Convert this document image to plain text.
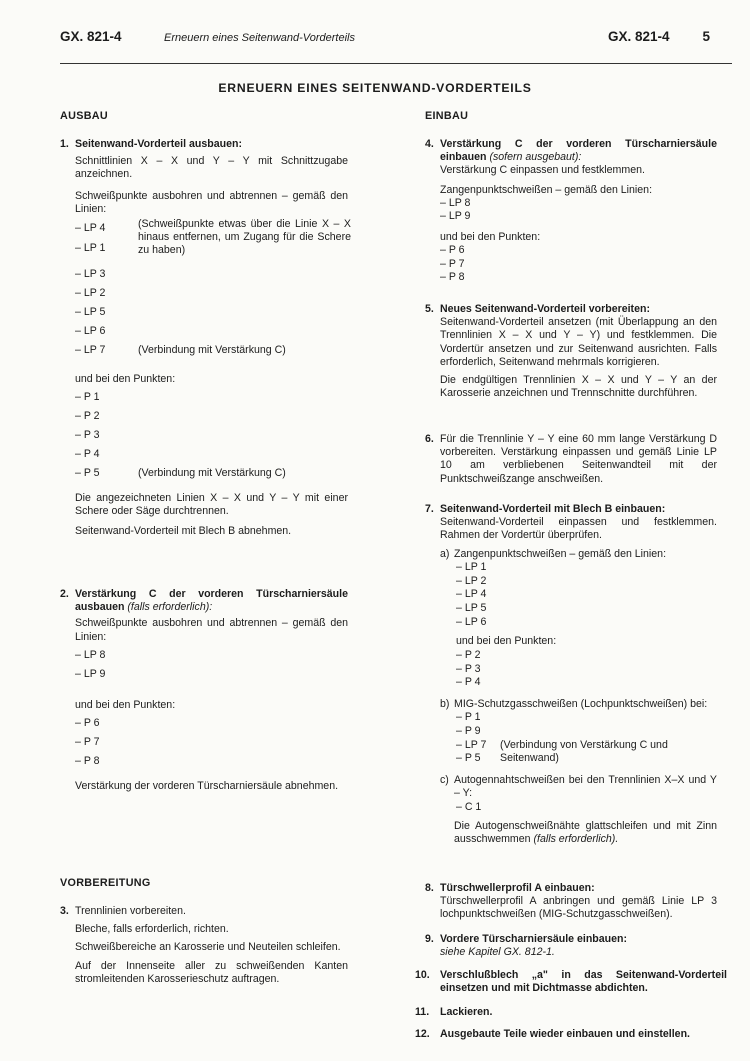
GX. 821-4	Erneuern eines Seitenwand-Vorderteils	GX. 821-4 5
ERNEUERN EINES SEITENWAND-VORDERTEILS
AUSBAU
1. Seitenwand-Vorderteil ausbauen:
Schnittlinien X – X und Y – Y mit Schnittzugabe anzeichnen.
Schweißpunkte ausbohren und abtrennen – gemäß den Linien:
– LP 4
– LP 1
(Schweißpunkte etwas über die Linie X – X hinaus entfernen, um Zugang für die Schere zu haben)
– LP 3
– LP 2
– LP 5
– LP 6
– LP 7	(Verbindung mit Verstärkung C)
und bei den Punkten:
– P 1
– P 2
– P 3
– P 4
– P 5	(Verbindung mit Verstärkung C)
Die angezeichneten Linien X – X und Y – Y mit einer Schere oder Säge durchtrennen.
Seitenwand-Vorderteil mit Blech B abnehmen.
2. Verstärkung C der vorderen Türscharniersäule ausbauen (falls erforderlich):
Schweißpunkte ausbohren und abtrennen – gemäß den Linien:
– LP 8
– LP 9
und bei den Punkten:
– P 6
– P 7
– P 8
Verstärkung der vorderen Türscharniersäule abnehmen.
VORBEREITUNG
3. Trennlinien vorbereiten.
Bleche, falls erforderlich, richten.
Schweißbereiche an Karosserie und Neuteilen schleifen.
Auf der Innenseite aller zu schweißenden Kanten stromleitenden Karosserieschutz auftragen.
EINBAU
4. Verstärkung C der vorderen Türscharniersäule einbauen (sofern ausgebaut):
Verstärkung C einpassen und festklemmen.
Zangenpunktschweißen – gemäß den Linien:
– LP 8
– LP 9
und bei den Punkten:
– P 6
– P 7
– P 8
5. Neues Seitenwand-Vorderteil vorbereiten:
Seitenwand-Vorderteil ansetzen (mit Überlappung an den Trennlinien X – X und Y – Y) und festklemmen. Die Vordertür ansetzen und zur Seitenwand ausrichten. Falls erforderlich, Seitenwand mehrmals korrigieren.
Die endgültigen Trennlinien X – X und Y – Y an der Karosserie anzeichnen und Trennschnitte durchführen.
6. Für die Trennlinie Y – Y eine 60 mm lange Verstärkung D vorbereiten. Verstärkung einpassen und gemäß Linie LP 10 am verbliebenen Seitenwandteil mit der Punktschweißzange anschweißen.
7. Seitenwand-Vorderteil mit Blech B einbauen:
Seitenwand-Vorderteil einpassen und festklemmen. Rahmen der Vordertür überprüfen.
a) Zangenpunktschweißen – gemäß den Linien:
– LP 1
– LP 2
– LP 4
– LP 5
– LP 6
und bei den Punkten:
– P 2
– P 3
– P 4
b) MIG-Schutzgasschweißen (Lochpunktschweißen) bei:
– P 1
– P 9
– LP 7 (Verbindung von Verstärkung C und
– P 5 Seitenwand)
c) Autogennahtschweißen bei den Trennlinien X–X und Y – Y:
– C 1
Die Autogenschweißnähte glattschleifen und mit Zinn ausschwemmen (falls erforderlich).
8. Türschwellerprofil A einbauen:
Türschwellerprofil A anbringen und gemäß Linie LP 3 lochpunktschweißen (MIG-Schutzgasschweißen).
9. Vordere Türscharniersäule einbauen:
siehe Kapitel GX. 812-1.
10. Verschlußblech „a" in das Seitenwand-Vorderteil einsetzen und mit Dichtmasse abdichten.
11. Lackieren.
12. Ausgebaute Teile wieder einbauen und einstellen.
